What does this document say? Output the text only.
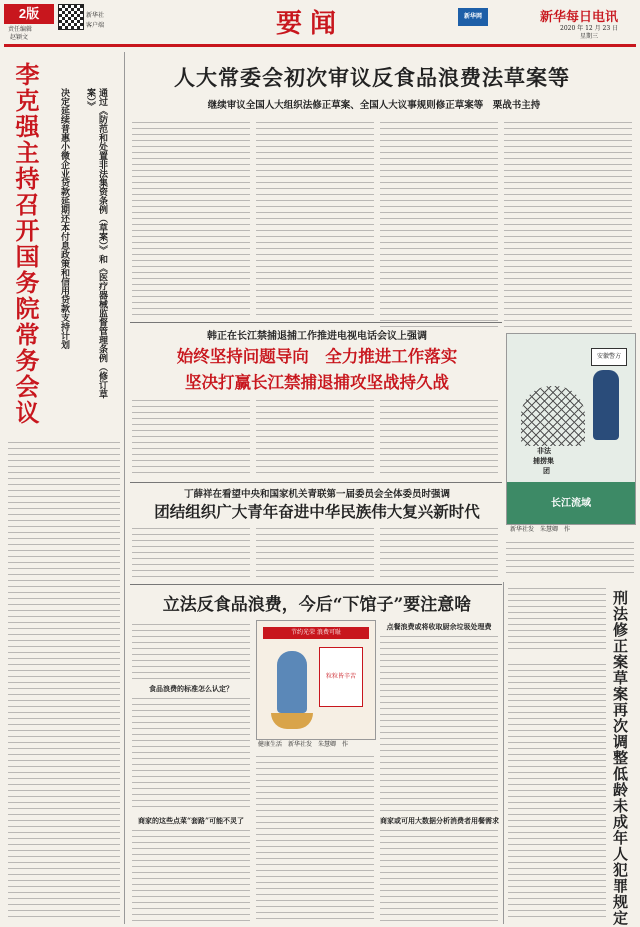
2版
责任编辑
赵颖文
新华社
客户端	要闻	新华网	新华每日电讯
2020 年 12 月 23 日
星期三
李克强主持召开国务院常务会议	通过《防范和处置非法集资条例（草案）》和《医疗器械监督管理条例（修订草案）》
决定延续普惠小微企业贷款延期还本付息政策和信用贷款支持计划
人大常委会初次审议反食品浪费法草案等
继续审议全国人大组织法修正草案、全国人大议事规则修正草案等　栗战书主持
韩正在长江禁捕退捕工作推进电视电话会议上强调
始终坚持问题导向　全力推进工作落实
坚决打赢长江禁捕退捕攻坚战持久战
安徽警方
非法
捕捞集
团
长江流域
新华社发　朱慧卿　作
丁薛祥在看望中央和国家机关青联第一届委员会全体委员时强调
团结组织广大青年奋进中华民族伟大复兴新时代
立法反食品浪费，今后“下馆子”要注意啥
食品浪费的标准怎么认定？
商家的这些点菜“套路”可能不灵了
节约光荣 浪费可耻
粒粒皆辛苦
健康生活 　新华社发　朱慧卿　作
点餐浪费或将收取厨余垃圾处理费
商家或可用大数据分析消费者用餐需求	刑法修正案草案再次调整低龄未成年人犯罪规定
